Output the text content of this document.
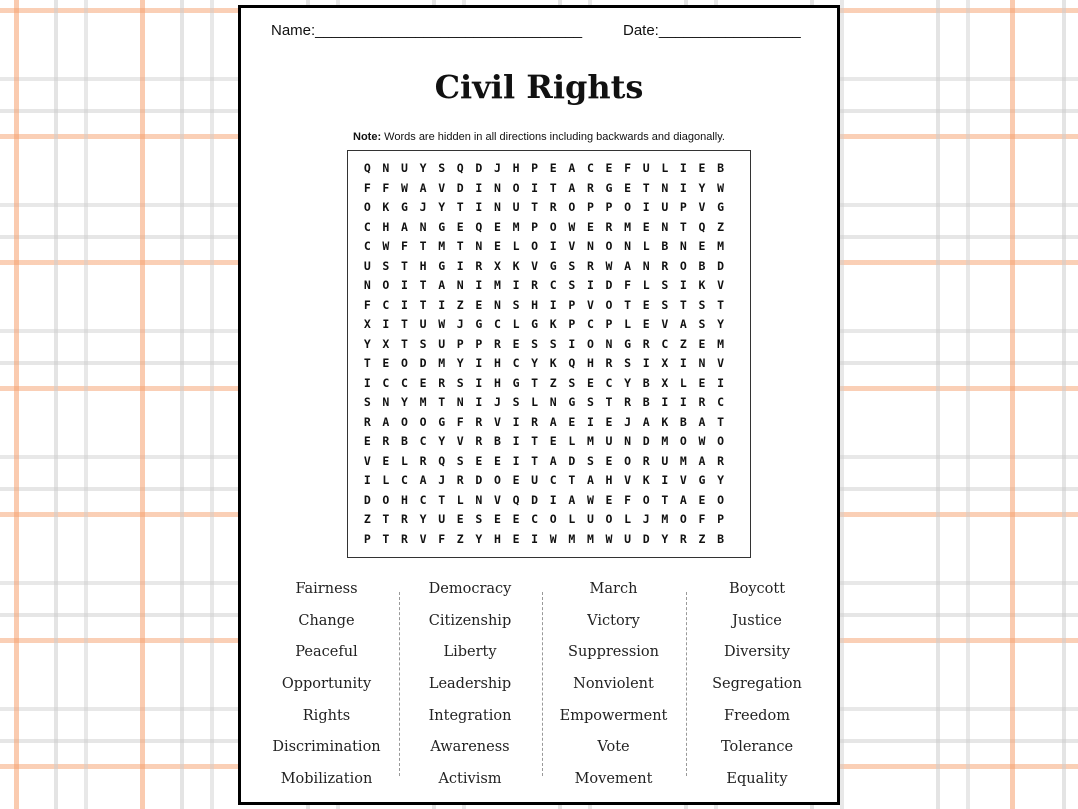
Name:________________________________	Date:_________________
Civil Rights
Note: Words are hidden in all directions including backwards and diagonally.
Q	N	U	Y	S	Q	D	J	H	P	E	A	C	E	F	U	L	I	E	B
F	F	W	A	V	D	I	N	O	I	T	A	R	G	E	T	N	I	Y	W
O	K	G	J	Y	T	I	N	U	T	R	O	P	P	O	I	U	P	V	G
C	H	A	N	G	E	Q	E	M	P	O	W	E	R	M	E	N	T	Q	Z
C	W	F	T	M	T	N	E	L	O	I	V	N	O	N	L	B	N	E	M
U	S	T	H	G	I	R	X	K	V	G	S	R	W	A	N	R	O	B	D
N	O	I	T	A	N	I	M	I	R	C	S	I	D	F	L	S	I	K	V
F	C	I	T	I	Z	E	N	S	H	I	P	V	O	T	E	S	T	S	T
X	I	T	U	W	J	G	C	L	G	K	P	C	P	L	E	V	A	S	Y
Y	X	T	S	U	P	P	R	E	S	S	I	O	N	G	R	C	Z	E	M
T	E	O	D	M	Y	I	H	C	Y	K	Q	H	R	S	I	X	I	N	V
I	C	C	E	R	S	I	H	G	T	Z	S	E	C	Y	B	X	L	E	I
S	N	Y	M	T	N	I	J	S	L	N	G	S	T	R	B	I	I	R	C
R	A	O	O	G	F	R	V	I	R	A	E	I	E	J	A	K	B	A	T
E	R	B	C	Y	V	R	B	I	T	E	L	M	U	N	D	M	O	W	O
V	E	L	R	Q	S	E	E	I	T	A	D	S	E	O	R	U	M	A	R
I	L	C	A	J	R	D	O	E	U	C	T	A	H	V	K	I	V	G	Y
D	O	H	C	T	L	N	V	Q	D	I	A	W	E	F	O	T	A	E	O
Z	T	R	Y	U	E	S	E	E	C	O	L	U	O	L	J	M	O	F	P
P	T	R	V	F	Z	Y	H	E	I	W	M	M	W	U	D	Y	R	Z	B
Fairness
Change
Peaceful
Opportunity
Rights
Discrimination
Mobilization
Democracy
Citizenship
Liberty
Leadership
Integration
Awareness
Activism
March
Victory
Suppression
Nonviolent
Empowerment
Vote
Movement
Boycott
Justice
Diversity
Segregation
Freedom
Tolerance
Equality
